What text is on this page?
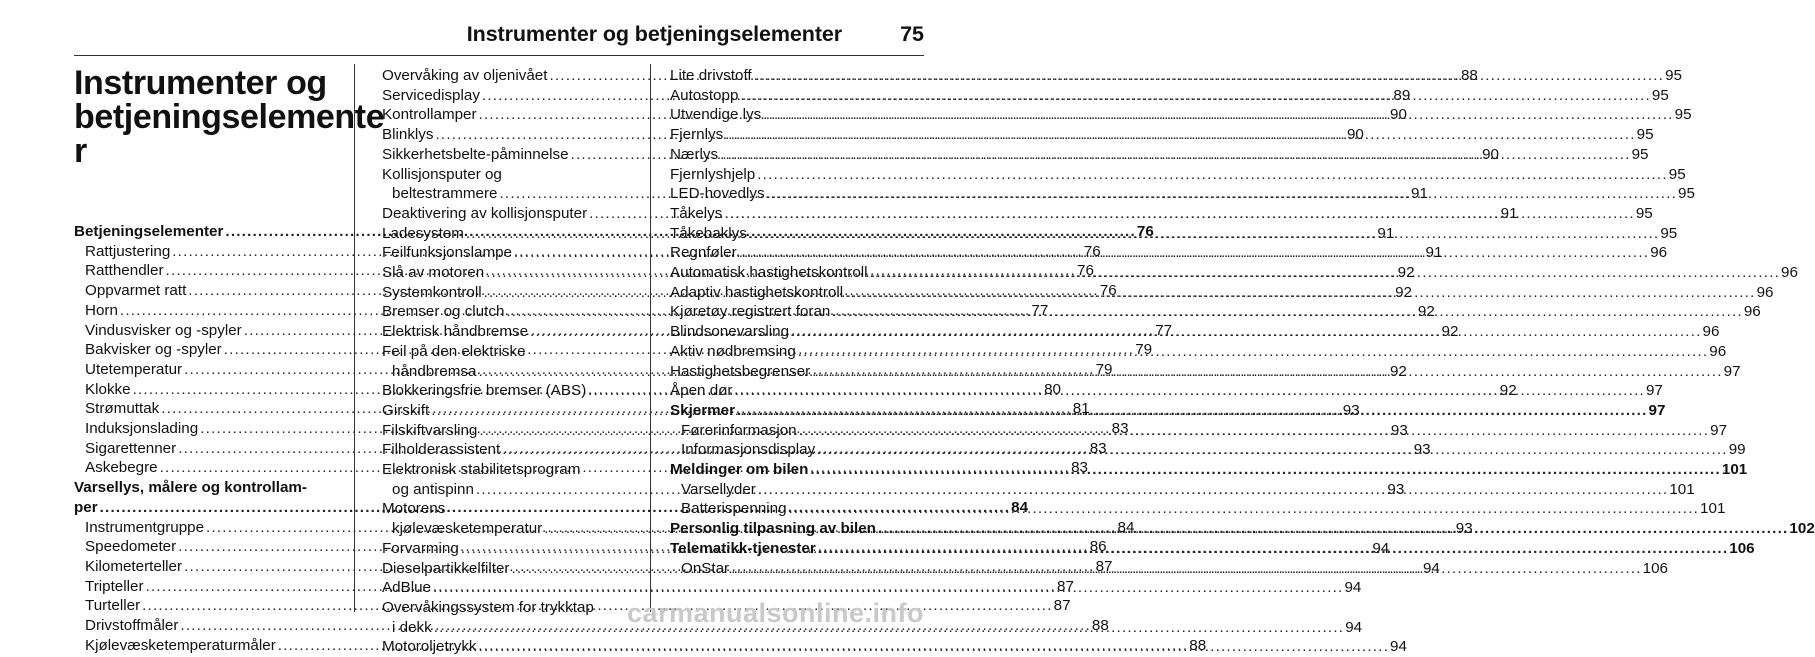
Instrumenter og betjeningselementer	75
Instrumenter og
betjeningselemente
r
Betjeningselementer .....	76
Rattjustering .....	76
Ratthendler .....	76
Oppvarmet ratt .....	76
Horn .....	77
Vindusvisker og -spyler .....	77
Bakvisker og -spyler .....	79
Utetemperatur .....	79
Klokke .....	80
Strømuttak .....	81
Induksjonslading .....	83
Sigarettenner .....	83
Askebegre .....	83
Varsellys, målere og kontrollam-
per .....	84
Instrumentgruppe .....	84
Speedometer .....	86
Kilometerteller .....	87
Tripteller .....	87
Turteller .....	87
Drivstoffmåler .....	88
Kjølevæsketemperaturmåler .....	88
Overvåking av oljenivået .....	88
Servicedisplay .....	89
Kontrollamper .....	90
Blinklys .....	90
Sikkerhetsbelte-påminnelse .....	90
Kollisjonsputer og
beltestrammere .....	91
Deaktivering av kollisjonsputer .....	91
Ladesystem .....	91
Feilfunksjonslampe .....	91
Slå av motoren .....	92
Systemkontroll .....	92
Bremser og clutch .....	92
Elektrisk håndbremse .....	92
Feil på den elektriske
håndbremsa .....	92
Blokkeringsfrie bremser (ABS) .....	92
Girskift .....	93
Filskiftvarsling .....	93
Filholderassistent .....	93
Elektronisk stabilitetsprogram
og antispinn .....	93
Motorens
kjølevæsketemperatur .....	93
Forvarming .....	94
Dieselpartikkelfilter .....	94
AdBlue .....	94
Overvåkingssystem for trykktap
i dekk .....	94
Motoroljetrykk .....	94
Lite drivstoff .....	95
Autostopp .....	95
Utvendige lys .....	95
Fjernlys .....	95
Nærlys .....	95
Fjernlyshjelp .....	95
LED-hovedlys .....	95
Tåkelys .....	95
Tåkebaklys .....	95
Regnføler .....	96
Automatisk hastighetskontroll .....	96
Adaptiv hastighetskontroll .....	96
Kjøretøy registrert foran .....	96
Blindsonevarsling .....	96
Aktiv nødbremsing .....	96
Hastighetsbegrenser .....	97
Åpen dør .....	97
Skjermer .....	97
Førerinformasjon .....	97
Informasjonsdisplay .....	99
Meldinger om bilen .....	101
Varsellyder .....	101
Batterispenning .....	101
Personlig tilpasning av bilen .....	102
Telematikk-tjenester .....	106
OnStar .....	106
carmanualsonline.info
